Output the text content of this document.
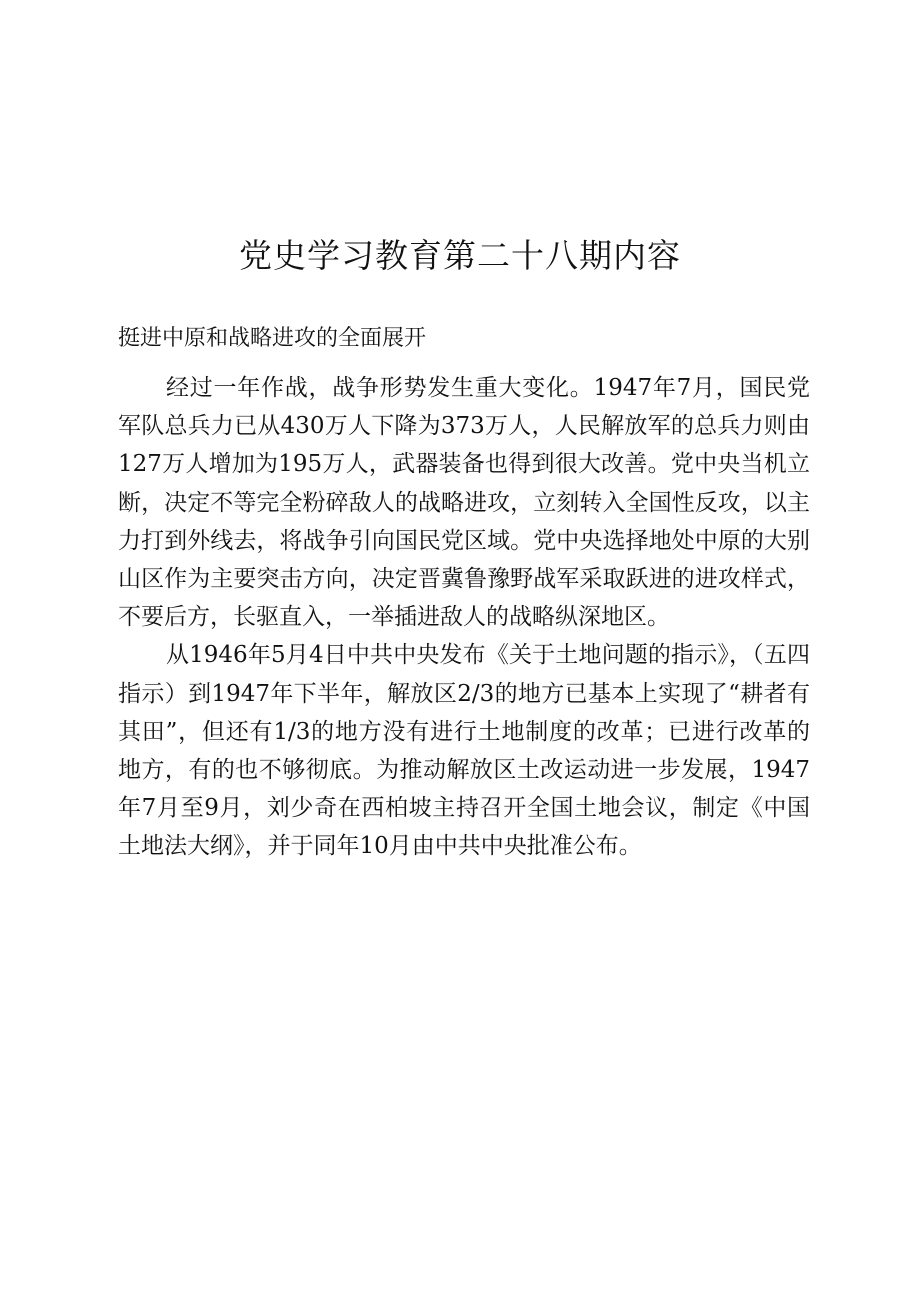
党史学习教育第二十八期内容

挺进中原和战略进攻的全面展开

经过一年作战，战争形势发生重大变化。1947年7月，国民党军队总兵力已从430万人下降为373万人，人民解放军的总兵力则由127万人增加为195万人，武器装备也得到很大改善。党中央当机立断，决定不等完全粉碎敌人的战略进攻，立刻转入全国性反攻，以主力打到外线去，将战争引向国民党区域。党中央选择地处中原的大别山区作为主要突击方向，决定晋冀鲁豫野战军采取跃进的进攻样式，不要后方，长驱直入，一举插进敌人的战略纵深地区。

从1946年5月4日中共中央发布《关于土地问题的指示》，（五四指示）到1947年下半年，解放区2/3的地方已基本上实现了“耕者有其田”，但还有1/3的地方没有进行土地制度的改革；已进行改革的地方，有的也不够彻底。为推动解放区土改运动进一步发展，1947年7月至9月，刘少奇在西柏坡主持召开全国土地会议，制定《中国土地法大纲》，并于同年10月由中共中央批准公布。
